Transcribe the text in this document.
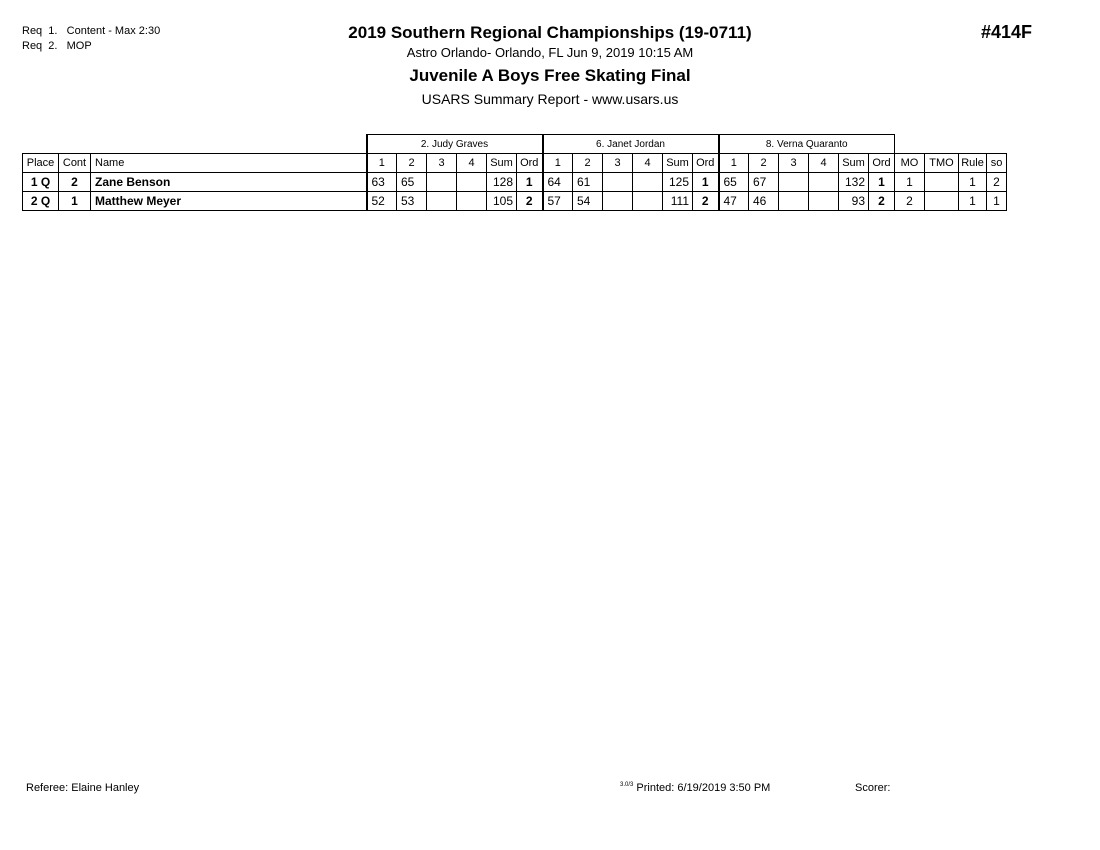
Req  1.   Content - Max 2:30
Req  2.   MOP
2019 Southern Regional Championships (19-0711)
Astro Orlando- Orlando, FL Jun 9, 2019 10:15 AM
Juvenile A Boys Free Skating Final
USARS Summary Report - www.usars.us
#414F
			2. Judy Graves						6. Janet Jordan						8. Verna Quaranto									
Place	Cont	Name	1	2	3	4	Sum	Ord	1	2	3	4	Sum	Ord	1	2	3	4	Sum	Ord	MO	TMO	Rule	so
1 Q	2	Zane Benson	63	65			128	1	64	61			125	1	65	67			132	1	1		1	2
2 Q	1	Matthew Meyer	52	53			105	2	57	54			111	2	47	46			93	2	2		1	1
Referee: Elaine Hanley	$^{3.0/3}$ Printed: 6/19/2019 3:50 PM	Scorer:
